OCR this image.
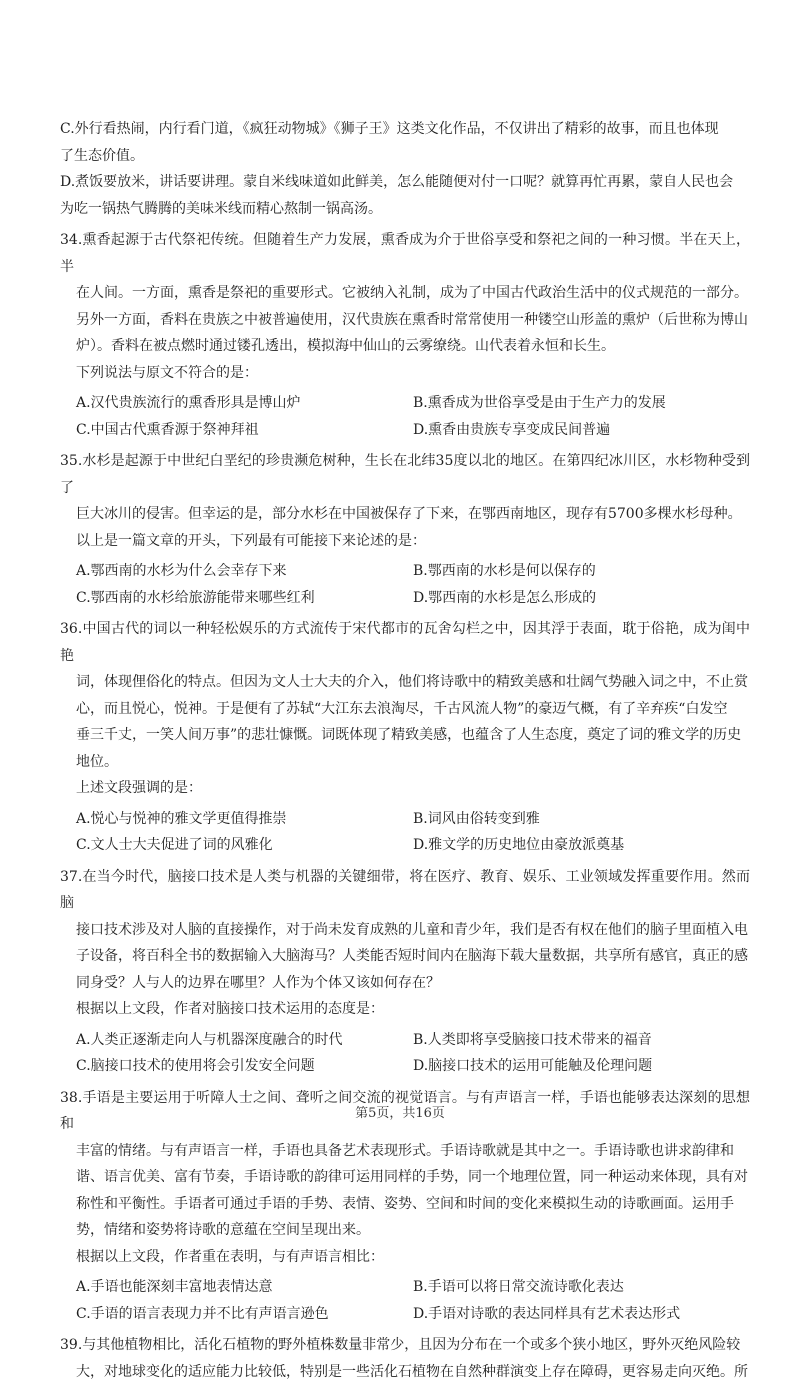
C.外行看热闹，内行看门道，《疯狂动物城》《狮子王》这类文化作品，不仅讲出了精彩的故事，而且也体现

了生态价值。

D.煮饭要放米，讲话要讲理。蒙自米线味道如此鲜美，怎么能随便对付一口呢？就算再忙再累，蒙自人民也会

为吃一锅热气腾腾的美味米线而精心熬制一锅高汤。

34.熏香起源于古代祭祀传统。但随着生产力发展，熏香成为介于世俗享受和祭祀之间的一种习惯。半在天上，半

在人间。一方面，熏香是祭祀的重要形式。它被纳入礼制，成为了中国古代政治生活中的仪式规范的一部分。

另外一方面，香料在贵族之中被普遍使用，汉代贵族在熏香时常常使用一种镂空山形盖的熏炉（后世称为博山

炉）。香料在被点燃时通过镂孔透出，模拟海中仙山的云雾缭绕。山代表着永恒和长生。

下列说法与原文不符合的是：

A.汉代贵族流行的熏香形具是博山炉	B.熏香成为世俗享受是由于生产力的发展

C.中国古代熏香源于祭神拜祖	D.熏香由贵族专享变成民间普遍

35.水杉是起源于中世纪白垩纪的珍贵濒危树种，生长在北纬35度以北的地区。在第四纪冰川区，水杉物种受到了

巨大冰川的侵害。但幸运的是，部分水杉在中国被保存了下来，在鄂西南地区，现存有5700多棵水杉母种。

以上是一篇文章的开头，下列最有可能接下来论述的是：

A.鄂西南的水杉为什么会幸存下来	B.鄂西南的水杉是何以保存的

C.鄂西南的水杉给旅游能带来哪些红利	D.鄂西南的水杉是怎么形成的

36.中国古代的词以一种轻松娱乐的方式流传于宋代都市的瓦舍勾栏之中，因其浮于表面，耽于俗艳，成为闺中艳

词，体现俚俗化的特点。但因为文人士大夫的介入，他们将诗歌中的精致美感和壮阔气势融入词之中，不止赏

心，而且悦心，悦神。于是便有了苏轼“大江东去浪淘尽，千古风流人物”的豪迈气概，有了辛弃疾“白发空

垂三千丈，一笑人间万事”的悲壮慷慨。词既体现了精致美感，也蕴含了人生态度，奠定了词的雅文学的历史

地位。

上述文段强调的是：

A.悦心与悦神的雅文学更值得推崇	B.词风由俗转变到雅

C.文人士大夫促进了词的风雅化	D.雅文学的历史地位由豪放派奠基

37.在当今时代，脑接口技术是人类与机器的关键细带，将在医疗、教育、娱乐、工业领域发挥重要作用。然而脑

接口技术涉及对人脑的直接操作，对于尚未发育成熟的儿童和青少年，我们是否有权在他们的脑子里面植入电

子设备，将百科全书的数据输入大脑海马？人类能否短时间内在脑海下载大量数据，共享所有感官，真正的感

同身受？人与人的边界在哪里？人作为个体又该如何存在？

根据以上文段，作者对脑接口技术运用的态度是：

A.人类正逐渐走向人与机器深度融合的时代	B.人类即将享受脑接口技术带来的福音

C.脑接口技术的使用将会引发安全问题	D.脑接口技术的运用可能触及伦理问题

38.手语是主要运用于听障人士之间、聋听之间交流的视觉语言。与有声语言一样，手语也能够表达深刻的思想和

丰富的情绪。与有声语言一样，手语也具备艺术表现形式。手语诗歌就是其中之一。手语诗歌也讲求韵律和

谐、语言优美、富有节奏，手语诗歌的韵律可运用同样的手势，同一个地理位置，同一种运动来体现，具有对

称性和平衡性。手语者可通过手语的手势、表情、姿势、空间和时间的变化来模拟生动的诗歌画面。运用手

势，情绪和姿势将诗歌的意蕴在空间呈现出来。

根据以上文段，作者重在表明，与有声语言相比：

A.手语也能深刻丰富地表情达意	B.手语可以将日常交流诗歌化表达

C.手语的语言表现力并不比有声语言逊色	D.手语对诗歌的表达同样具有艺术表达形式

39.与其他植物相比，活化石植物的野外植株数量非常少，且因为分布在一个或多个狭小地区，野外灭绝风险较

大，对地球变化的适应能力比较低，特别是一些活化石植物在自然种群演变上存在障碍，更容易走向灭绝。所

第5页，共16页
